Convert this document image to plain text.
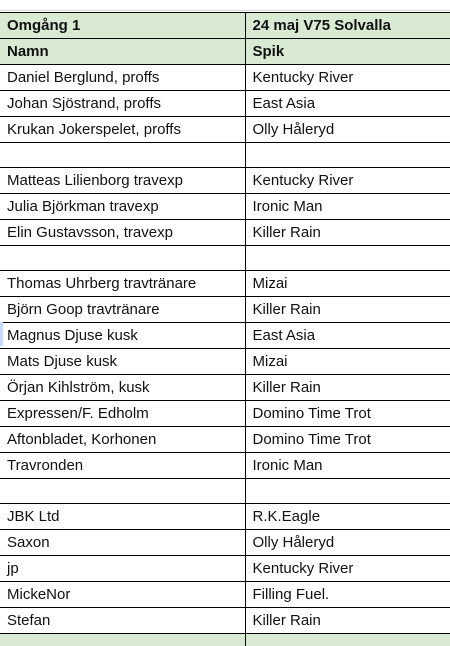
Omgång 1	24 maj V75 Solvalla
Namn	Spik
Daniel Berglund, proffs	Kentucky River
Johan Sjöstrand, proffs	East Asia
Krukan Jokerspelet, proffs	Olly Håleryd

Matteas Lilienborg travexp	Kentucky River
Julia Björkman travexp	Ironic Man
Elin Gustavsson, travexp	Killer Rain

Thomas Uhrberg travtränare	Mizai
Björn Goop travtränare	Killer Rain
Magnus Djuse kusk	East Asia
Mats Djuse kusk	Mizai
Örjan Kihlström, kusk	Killer Rain
Expressen/F. Edholm	Domino Time Trot
Aftonbladet, Korhonen	Domino Time Trot
Travronden	Ironic Man

JBK Ltd	R.K.Eagle
Saxon	Olly Håleryd
jp	Kentucky River
MickeNor	Filling Fuel.
Stefan	Killer Rain
